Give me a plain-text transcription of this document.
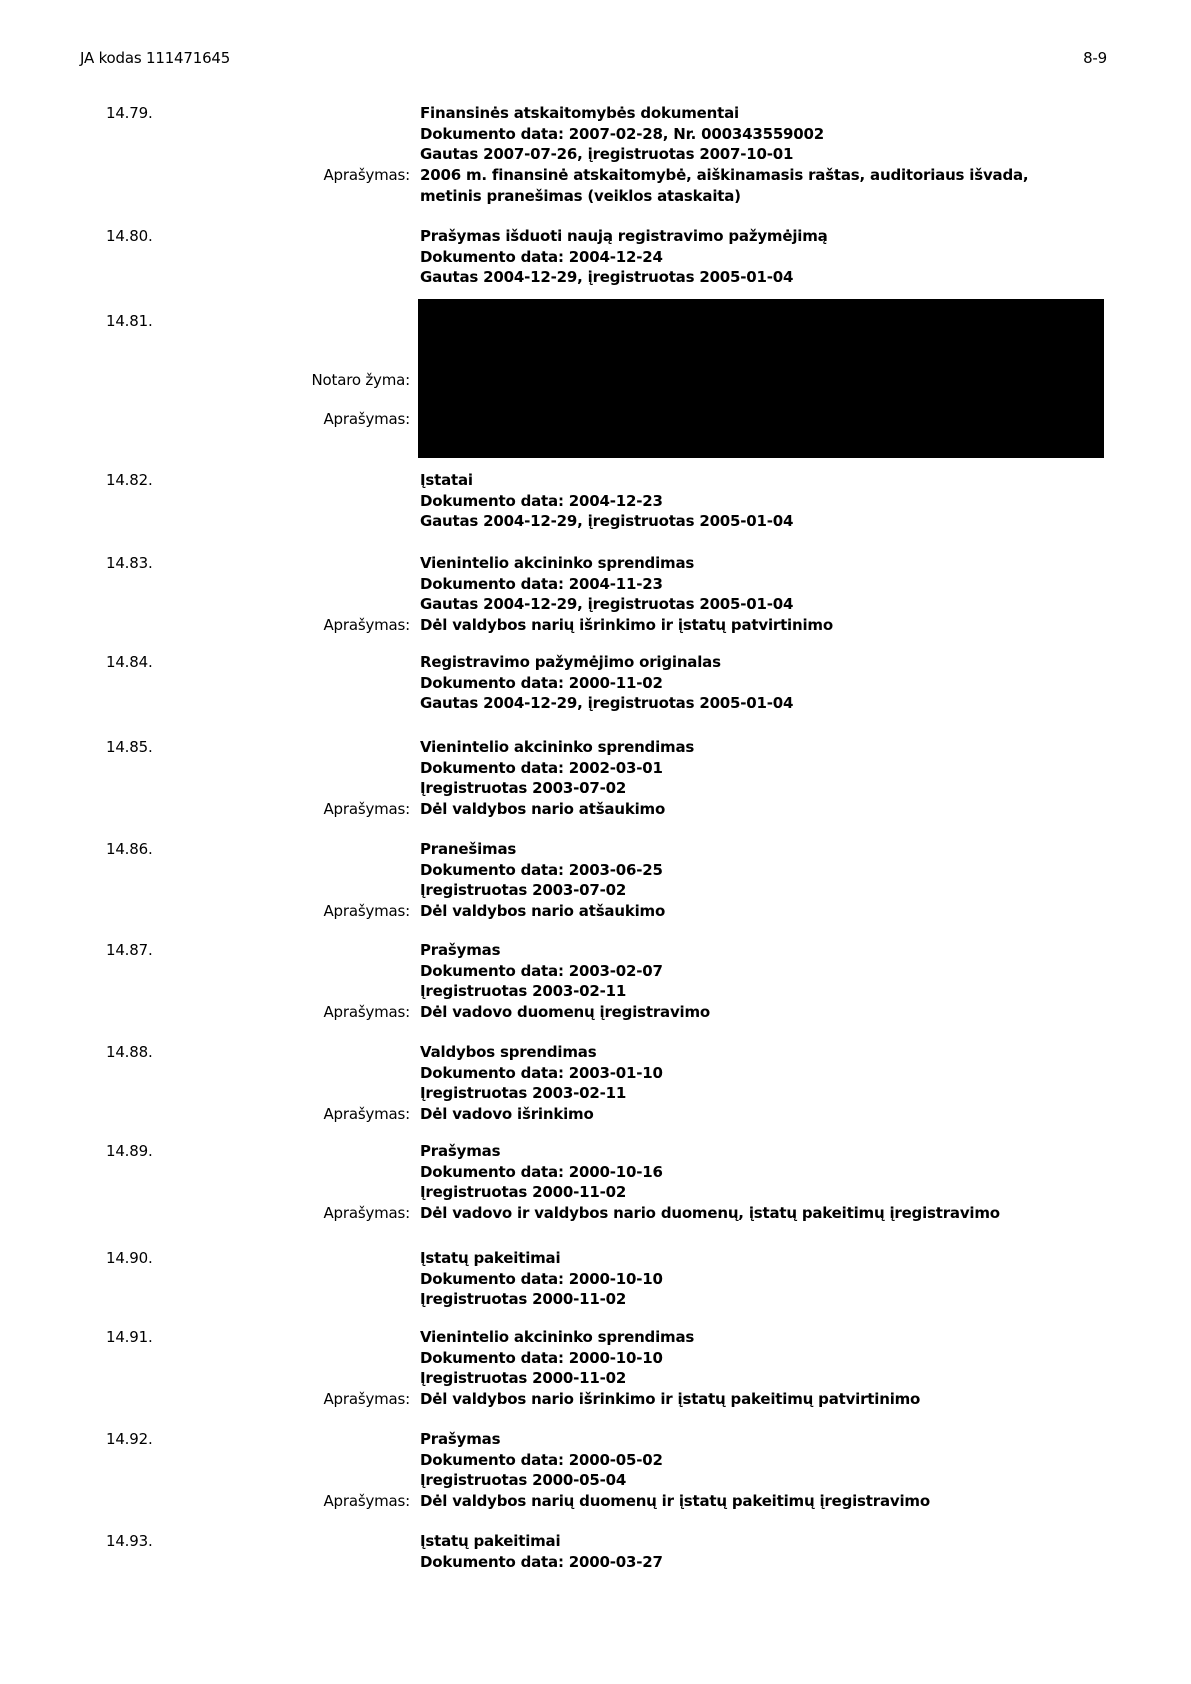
JA kodas 111471645	8-9
14.79.	Finansinės atskaitomybės dokumentai
Dokumento data: 2007-02-28, Nr. 000343559002
Gautas 2007-07-26, įregistruotas 2007-10-01
Aprašymas: 2006 m. finansinė atskaitomybė, aiškinamasis raštas, auditoriaus išvada,
metinis pranešimas (veiklos ataskaita)
14.80.	Prašymas išduoti naują registravimo pažymėjimą
Dokumento data: 2004-12-24
Gautas 2004-12-29, įregistruotas 2005-01-04
14.81.
Notaro žyma:
Aprašymas:
14.82.	Įstatai
Dokumento data: 2004-12-23
Gautas 2004-12-29, įregistruotas 2005-01-04
14.83.	Vienintelio akcininko sprendimas
Dokumento data: 2004-11-23
Gautas 2004-12-29, įregistruotas 2005-01-04
Aprašymas: Dėl valdybos narių išrinkimo ir įstatų patvirtinimo
14.84.	Registravimo pažymėjimo originalas
Dokumento data: 2000-11-02
Gautas 2004-12-29, įregistruotas 2005-01-04
14.85.	Vienintelio akcininko sprendimas
Dokumento data: 2002-03-01
Įregistruotas 2003-07-02
Aprašymas: Dėl valdybos nario atšaukimo
14.86.	Pranešimas
Dokumento data: 2003-06-25
Įregistruotas 2003-07-02
Aprašymas: Dėl valdybos nario atšaukimo
14.87.	Prašymas
Dokumento data: 2003-02-07
Įregistruotas 2003-02-11
Aprašymas: Dėl vadovo duomenų įregistravimo
14.88.	Valdybos sprendimas
Dokumento data: 2003-01-10
Įregistruotas 2003-02-11
Aprašymas: Dėl vadovo išrinkimo
14.89.	Prašymas
Dokumento data: 2000-10-16
Įregistruotas 2000-11-02
Aprašymas: Dėl vadovo ir valdybos nario duomenų, įstatų pakeitimų įregistravimo
14.90.	Įstatų pakeitimai
Dokumento data: 2000-10-10
Įregistruotas 2000-11-02
14.91.	Vienintelio akcininko sprendimas
Dokumento data: 2000-10-10
Įregistruotas 2000-11-02
Aprašymas: Dėl valdybos nario išrinkimo ir įstatų pakeitimų patvirtinimo
14.92.	Prašymas
Dokumento data: 2000-05-02
Įregistruotas 2000-05-04
Aprašymas: Dėl valdybos narių duomenų ir įstatų pakeitimų įregistravimo
14.93.	Įstatų pakeitimai
Dokumento data: 2000-03-27
